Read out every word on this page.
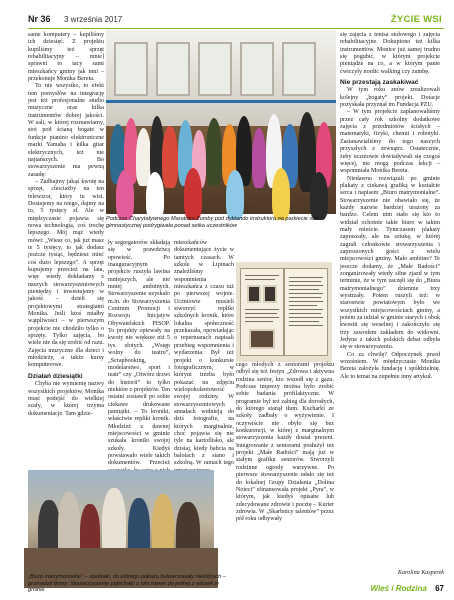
Nr 36 3 września 2017	ŻYCIE WSI

same komputery – kupiliśmy ich dziesięć. Z projektu kupiliśmy też sprzęt rehabilitacyjny – mnie] sprawni to tacy sami mieszkańcy gminy jak inni – przekonuje Monika Bereta.

To nie wszystko, to efekt tem pomysłów na integrację jest też profesjonalne studio muzyczne oraz kilka instrumentów dobrej jakości. W sali, w której rozmawiamy, stoi pod ścianą bogate w funkcje pianino elektroniczne marki Yamaha i kilka gitar elektrycznych, też nie najtańszych. Bo stowarzyszenie ma pewną zasadę:

– Zadbajmy jakąś kwotę na sprzęt, chociażby na ten telewizor, który tu wisi. Dostajemy na niego, dajmy na to, 5 tysięcy zł. Ale w międzyczasie pojawia się nowa technologia, coś trochę lepszego. Mój mąż wtedy mówi: „Wiesz co, jak już masz te 5 tysięcy, to jak dodasz jeszcze tysiąc, będziesz mieć coś dużo lepszego”. A sprzęt kupujemy przecież na lata, więc wtedy dokładamy z naszych stowarzyszeniowych pieniędzy i inwestujemy w jakość – dzieli się projektowymi strategiami Monika. Jeśli ktoś miałby wątpliwości – w pierwszym projekcie nie chodziło tylko o sprzęty. Tylko zajęcia, bo wiele nie da się zrobić od razu. Zajęcia muzyczne dla dzieci i młodzieży, a także kursy komputerowe.

Działań dziesiątki

Chyba nie wymienię nazwy wszystkich projektów, Monika musi podejść do wielkiej szafy, w której trzyma dokumentacje. Tam gdzie-

Podczas Charytatywnego Maratonu Zumby pod dyktando instruktora na parkiecie sali gimnastycznej podrygiwała ponad setka uczestników

ły segregatorów składają się w prawdziwą opowieść. Po inauguracyjnym projekcie ruszyła lawina mniejszych, ale nie mniej ambitnych. Stowarzyszenie uzyskało m.in. do Stowarzyszenia Centrum Promocji i Rozwoju Inicjatyw Obywatelskich PISOP. To projekty opiewały na kwoty nie większe niż 5 tys. złotych. „Wstęp wolny do teatru”, „Scrapbooking, modelarstwo, sport i teatr” czy „Otwórz drzwi do historii” to tylko niektóre z projektów. Ten ostatni zostawił po sobie ciekawe drukowane pamiątki. – To kroniki, właściwie repliki kronik. Młodzież z dawnej miejscowości w gminie szukała kroniki swojej szkoły. Kiedyś powstawało wiele takich dokumentów. Przecież

mieszkańców dokumentujące życie w tamtych czasach. W szkole w Lipinach znaleźliśmy wspomnienia mieszkańca z czasu tuż po pierwszej wojnie. Uczniowie musieli stworzyć repliki szkolnych kronik, które lokalna społeczność przekazała, opowiadając o repertuarach napisali przebieg wspomnienia i wydarzenia. Był też projekt o konkursie fotograficznym, w którym trzeba było pokazać na zdjęciu wielopokoleniowość swojej rodziny. W stowarzyszeniowych annałach widnieją do dziś fotografie, na których marginalnie, choć pojawia się nie tyle na kartoflisko, ale dzisiaj, kiedy babcia na balotach z siano i szkolną. W ramach tego

cego młodych z seniorami projektu odbył się też festyn „Zdrowa i aktywna rodzina senior, kto wszedł się z gazu. Podczas imprezy można było zrobić sobie badania profilaktyczne. W programie był też zabieg dla dorosłych, do którego stanął tłum. Kucharki ze szkoły zadbały o wyżywienie. I oczywiście nie obyło się bez konkurencji, w której z marginalnym stowarzyszenia każdy dostał prezent. Integrowanie z seniorami posłużył też projekt „Małe Radości” mają już w stałym grafiku seniorów. Stworzyli rodzinne ogrody warzywne. Po pierwsze stowarzyszenie udało się też do lokalnej Grupy Działania „Dolina Noteci” sfinansowała projekt „Pyra”, w którym, jak kiedyś opisane lub zdecydowane zdrowie i pocztę – Kurier zdrowia. W „Skarbnicy talentów” przez pół roku odbywały

się zajęcia z tenisa stołowego i zajęcia rehabilitacyjne. Dokupiono też kilka instrumentów. Monice już samej trudno się pogubić, w którym projekcie pieniądze na co, a w którym panie ćwiczyły nordic walking czy zumbę.

Nie przestają zaskakiwać

W tym roku znów zrealizowali kolejny „bogaty” projekt. Dotacje pozyskała przyznał im Fundacja PZU.

– W tym projekcie zaplanowaliśmy przez cały rok szkolny dodatkowe zajęcia z przedmiotów ścisłych – matematyki, fizyki, chemii i robotyki. Zastanawialiśmy do tego naszych przyszłych z zewnątrz. Ostatecznie, żeby uczniowie dowiadywali się czegoś więcej, nie mogą podczas lekcji – wspomniała Monika Bereta.

Niedawno rozwiązali po gminie plakaty z ciekawą grafiką w kształcie serca i napisem „Biuro matrymonialne”. Stowarzyszenie nie obawiało się, że każdy nazwie bardziej urażony za bardzo. Celem nim stało się kto to widział ochotnie takie biuro w takim mały mieście. Tymczasem plakaty zapraszały, ale na sztukę, w której zagrali członkowie stowarzyszenia i zaproszonych gości z wielu miejscowości gminy. Mało ambitne? Te jeszcze dodamy, że „Małe Radości” zorganizowały wtedy silne zjazd w tym terminie, że w tym zaczęli się do „Biura matrymonialnego” dziennie trzy wystrzały. Potem ruszyli też: w starostwie powiatowym było we wszystkich miejscowościach gminy, a potem za udział w gminie starych i obok kwestii się weselnej i zakończyło się trzy zawodem zakładem do widowni. Jedyne z takich polskich debat odbyła się w stowarzyszeniu.

Co za chwilę? Odpoczynek przed wrześniem. W międzyczasie Monika Bereta założyła fundację i spółdzielnię. Ale to temat na zupełnie inny artykuł.

Karolina Kasperek
„Biuro matrymonialne” – spektakl, do którego pokazu bułwersowały niektórych – gromadził tłumy. Stowarzyszenie pojechało z nim nawet do jednej z wiosek w gminie	Wieś i Rodzina 67
